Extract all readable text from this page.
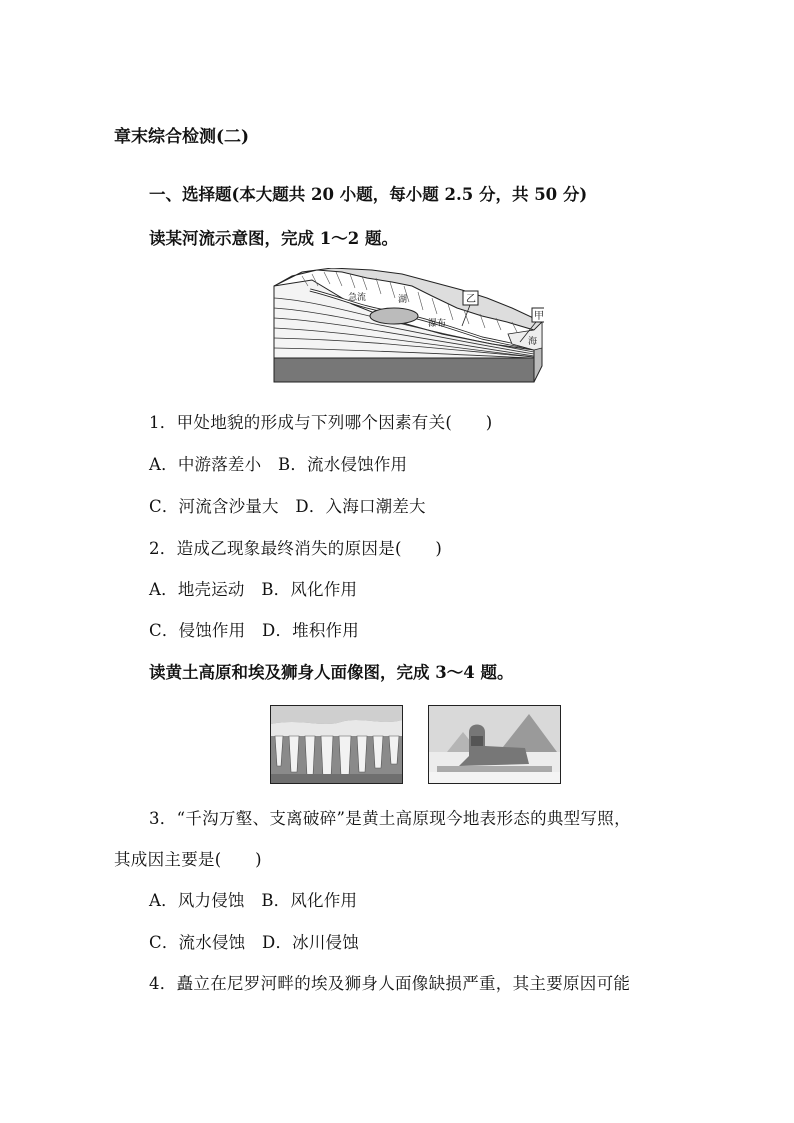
章末综合检测(二)
一、选择题(本大题共 20 小题，每小题 2.5 分，共 50 分)
读某河流示意图，完成 1～2 题。
急流	湖
瀑布
乙
甲
海
1．甲处地貌的形成与下列哪个因素有关(　　)
A．中游落差小　B．流水侵蚀作用
C．河流含沙量大　D．入海口潮差大
2．造成乙现象最终消失的原因是(　　)
A．地壳运动　B．风化作用
C．侵蚀作用　D．堆积作用
读黄土高原和埃及狮身人面像图，完成 3～4 题。
3．“千沟万壑、支离破碎”是黄土高原现今地表形态的典型写照，
其成因主要是(　　)
A．风力侵蚀　B．风化作用
C．流水侵蚀　D．冰川侵蚀
4．矗立在尼罗河畔的埃及狮身人面像缺损严重，其主要原因可能
